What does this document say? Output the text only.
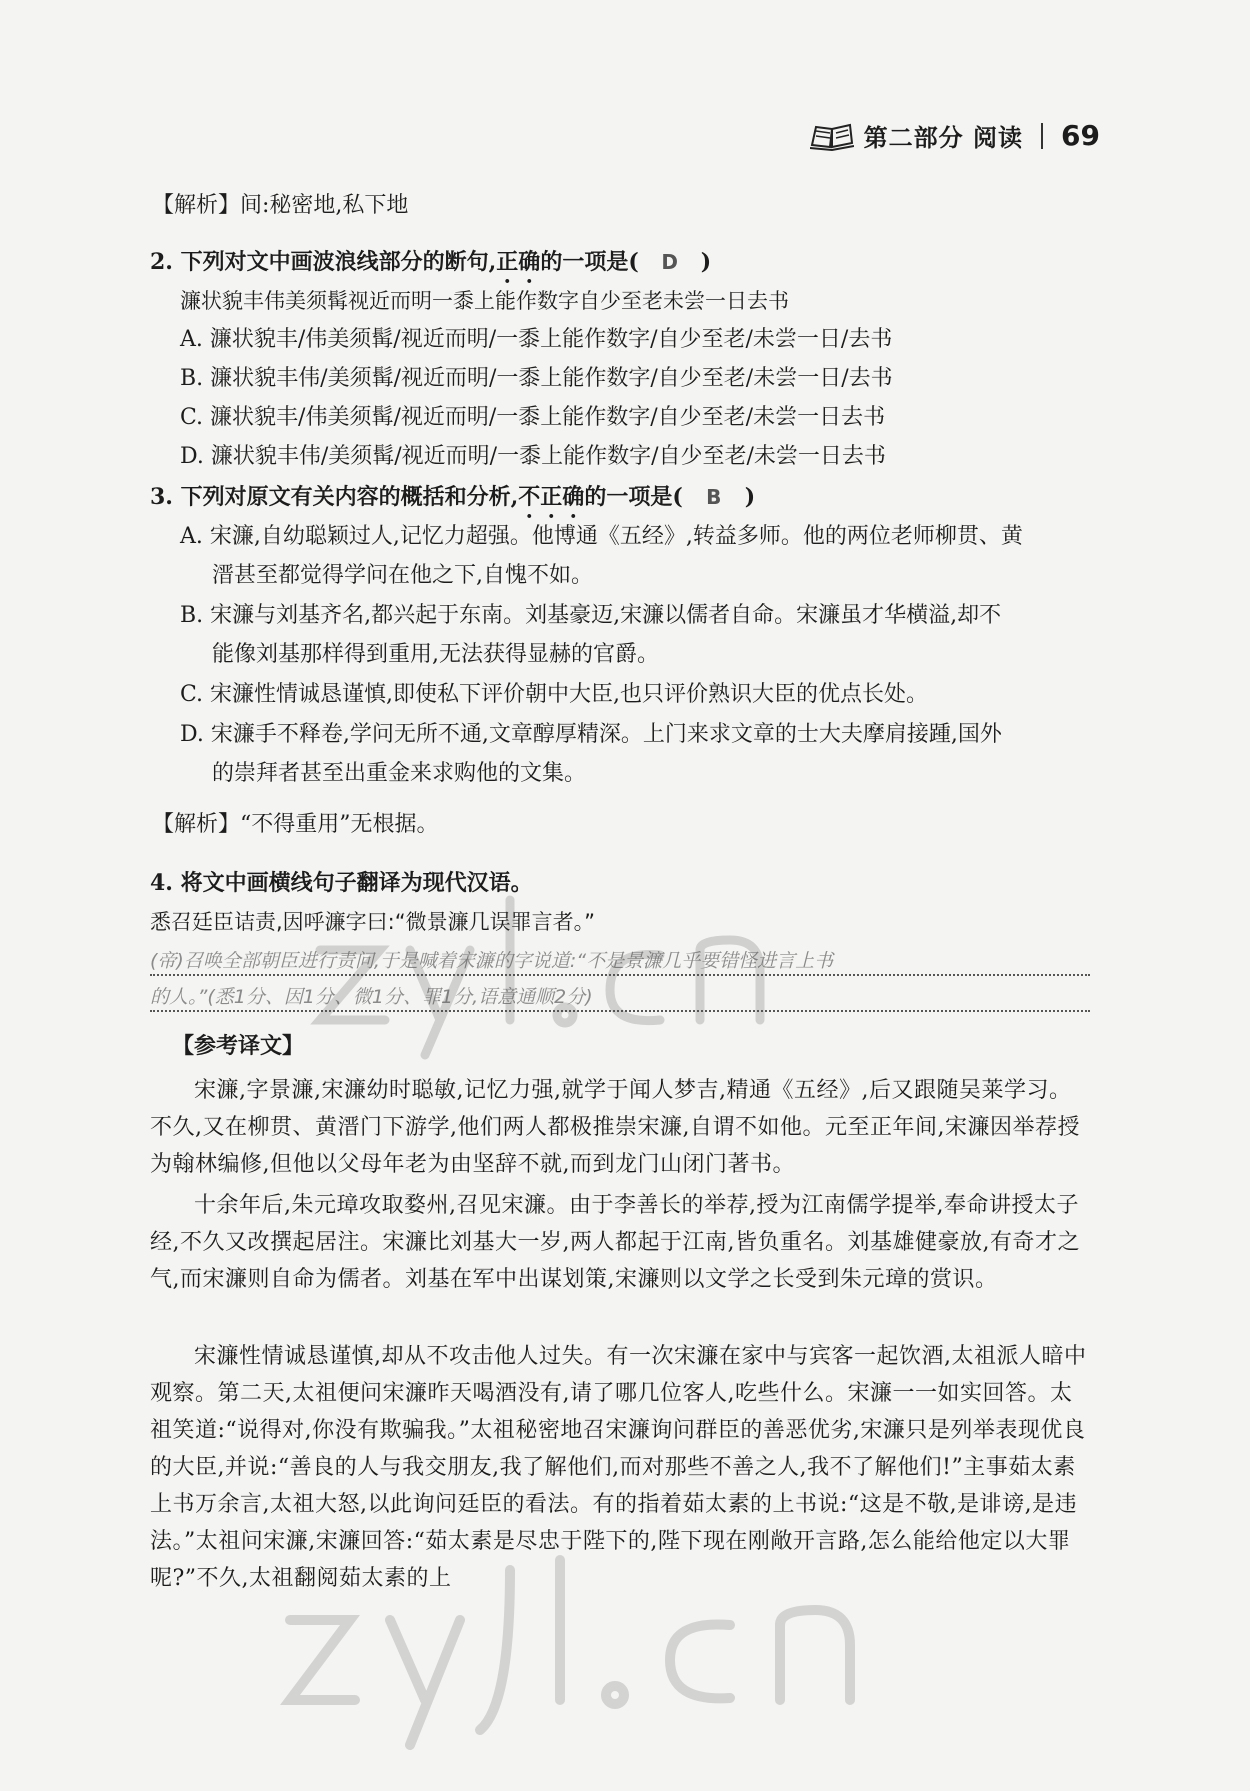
第二部分 阅读 69
【解析】间:秘密地,私下地
2. 下列对文中画波浪线部分的断句,正确的一项是( D )
濂状貌丰伟美须髯视近而明一黍上能作数字自少至老未尝一日去书
A. 濂状貌丰/伟美须髯/视近而明/一黍上能作数字/自少至老/未尝一日/去书
B. 濂状貌丰伟/美须髯/视近而明/一黍上能作数字/自少至老/未尝一日/去书
C. 濂状貌丰/伟美须髯/视近而明/一黍上能作数字/自少至老/未尝一日去书
D. 濂状貌丰伟/美须髯/视近而明/一黍上能作数字/自少至老/未尝一日去书
3. 下列对原文有关内容的概括和分析,不正确的一项是( B )
A. 宋濂,自幼聪颖过人,记忆力超强。他博通《五经》,转益多师。他的两位老师柳贯、黄
溍甚至都觉得学问在他之下,自愧不如。
B. 宋濂与刘基齐名,都兴起于东南。刘基豪迈,宋濂以儒者自命。宋濂虽才华横溢,却不
能像刘基那样得到重用,无法获得显赫的官爵。
C. 宋濂性情诚恳谨慎,即使私下评价朝中大臣,也只评价熟识大臣的优点长处。
D. 宋濂手不释卷,学问无所不通,文章醇厚精深。上门来求文章的士大夫摩肩接踵,国外
的崇拜者甚至出重金来求购他的文集。
【解析】“不得重用”无根据。
4. 将文中画横线句子翻译为现代汉语。
悉召廷臣诘责,因呼濂字曰:“微景濂几误罪言者。”
(帝)召唤全部朝臣进行责问,于是喊着宋濂的字说道:“不是景濂几乎要错怪进言上书
的人。”(悉1分、因1分、微1分、罪1分,语意通顺2分)
【参考译文】
宋濂,字景濂,宋濂幼时聪敏,记忆力强,就学于闻人梦吉,精通《五经》,后又跟随吴莱学习。不久,又在柳贯、黄溍门下游学,他们两人都极推崇宋濂,自谓不如他。元至正年间,宋濂因举荐授为翰林编修,但他以父母年老为由坚辞不就,而到龙门山闭门著书。
十余年后,朱元璋攻取婺州,召见宋濂。由于李善长的举荐,授为江南儒学提举,奉命讲授太子经,不久又改撰起居注。宋濂比刘基大一岁,两人都起于江南,皆负重名。刘基雄健豪放,有奇才之气,而宋濂则自命为儒者。刘基在军中出谋划策,宋濂则以文学之长受到朱元璋的赏识。
宋濂性情诚恳谨慎,却从不攻击他人过失。有一次宋濂在家中与宾客一起饮酒,太祖派人暗中观察。第二天,太祖便问宋濂昨天喝酒没有,请了哪几位客人,吃些什么。宋濂一一如实回答。太祖笑道:“说得对,你没有欺骗我。”太祖秘密地召宋濂询问群臣的善恶优劣,宋濂只是列举表现优良的大臣,并说:“善良的人与我交朋友,我了解他们,而对那些不善之人,我不了解他们!”主事茹太素上书万余言,太祖大怒,以此询问廷臣的看法。有的指着茹太素的上书说:“这是不敬,是诽谤,是违法。”太祖问宋濂,宋濂回答:“茹太素是尽忠于陛下的,陛下现在刚敞开言路,怎么能给他定以大罪呢?”不久,太祖翻阅茹太素的上
